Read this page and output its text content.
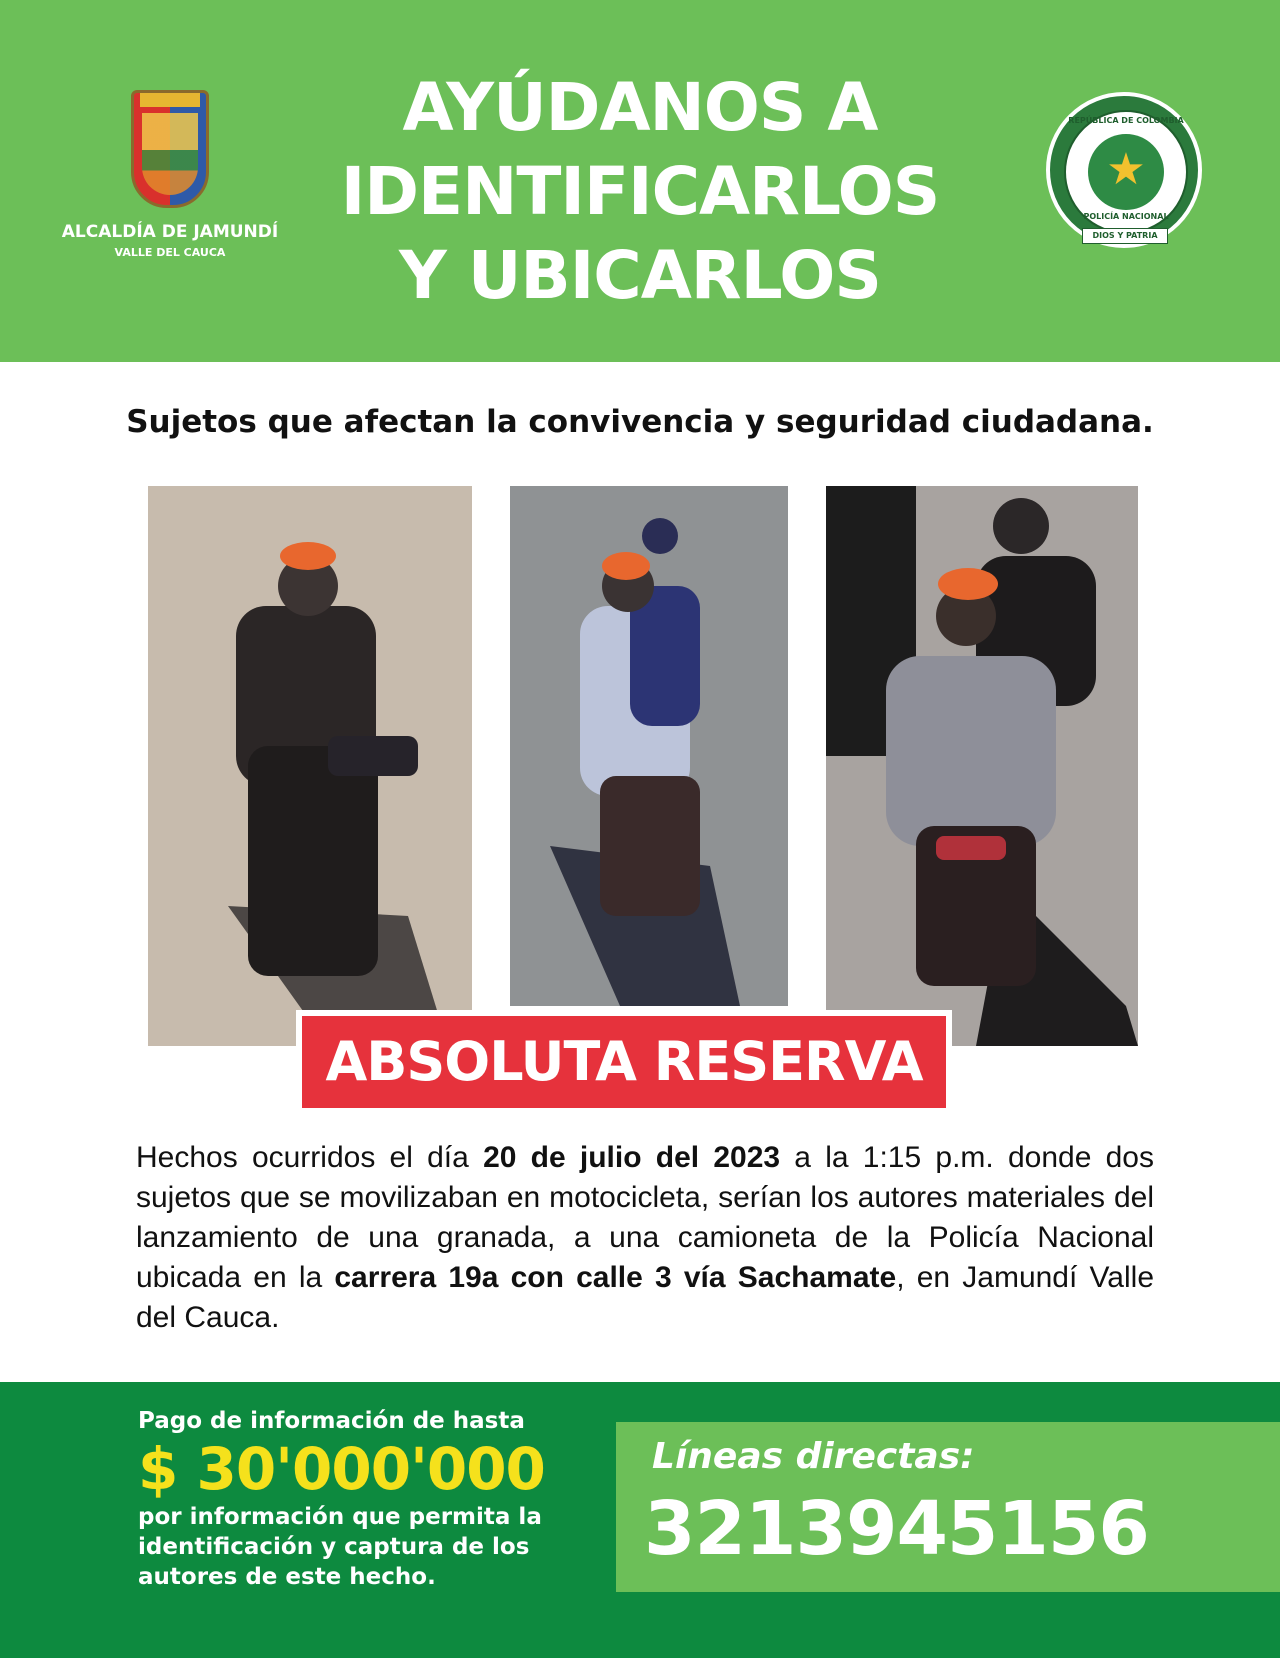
ALCALDÍA DE JAMUNDÍ
VALLE DEL CAUCA
AYÚDANOS A
IDENTIFICARLOS
Y UBICARLOS
REPÚBLICA DE COLOMBIA
★
POLICÍA NACIONAL
DIOS Y PATRIA
Sujetos que afectan la convivencia y seguridad ciudadana.
ABSOLUTA RESERVA
Hechos ocurridos el día 20 de julio del 2023 a la 1:15 p.m. donde dos sujetos que se movilizaban en motocicleta, serían los autores materiales del lanzamiento de una granada, a una camioneta de la Policía Nacional ubicada en la carrera 19a con calle 3 vía Sachamate, en Jamundí Valle del Cauca.
Pago de información de hasta
$ 30'000'000
por información que permita la identificación y captura de los autores de este hecho.
Líneas directas:
3213945156
